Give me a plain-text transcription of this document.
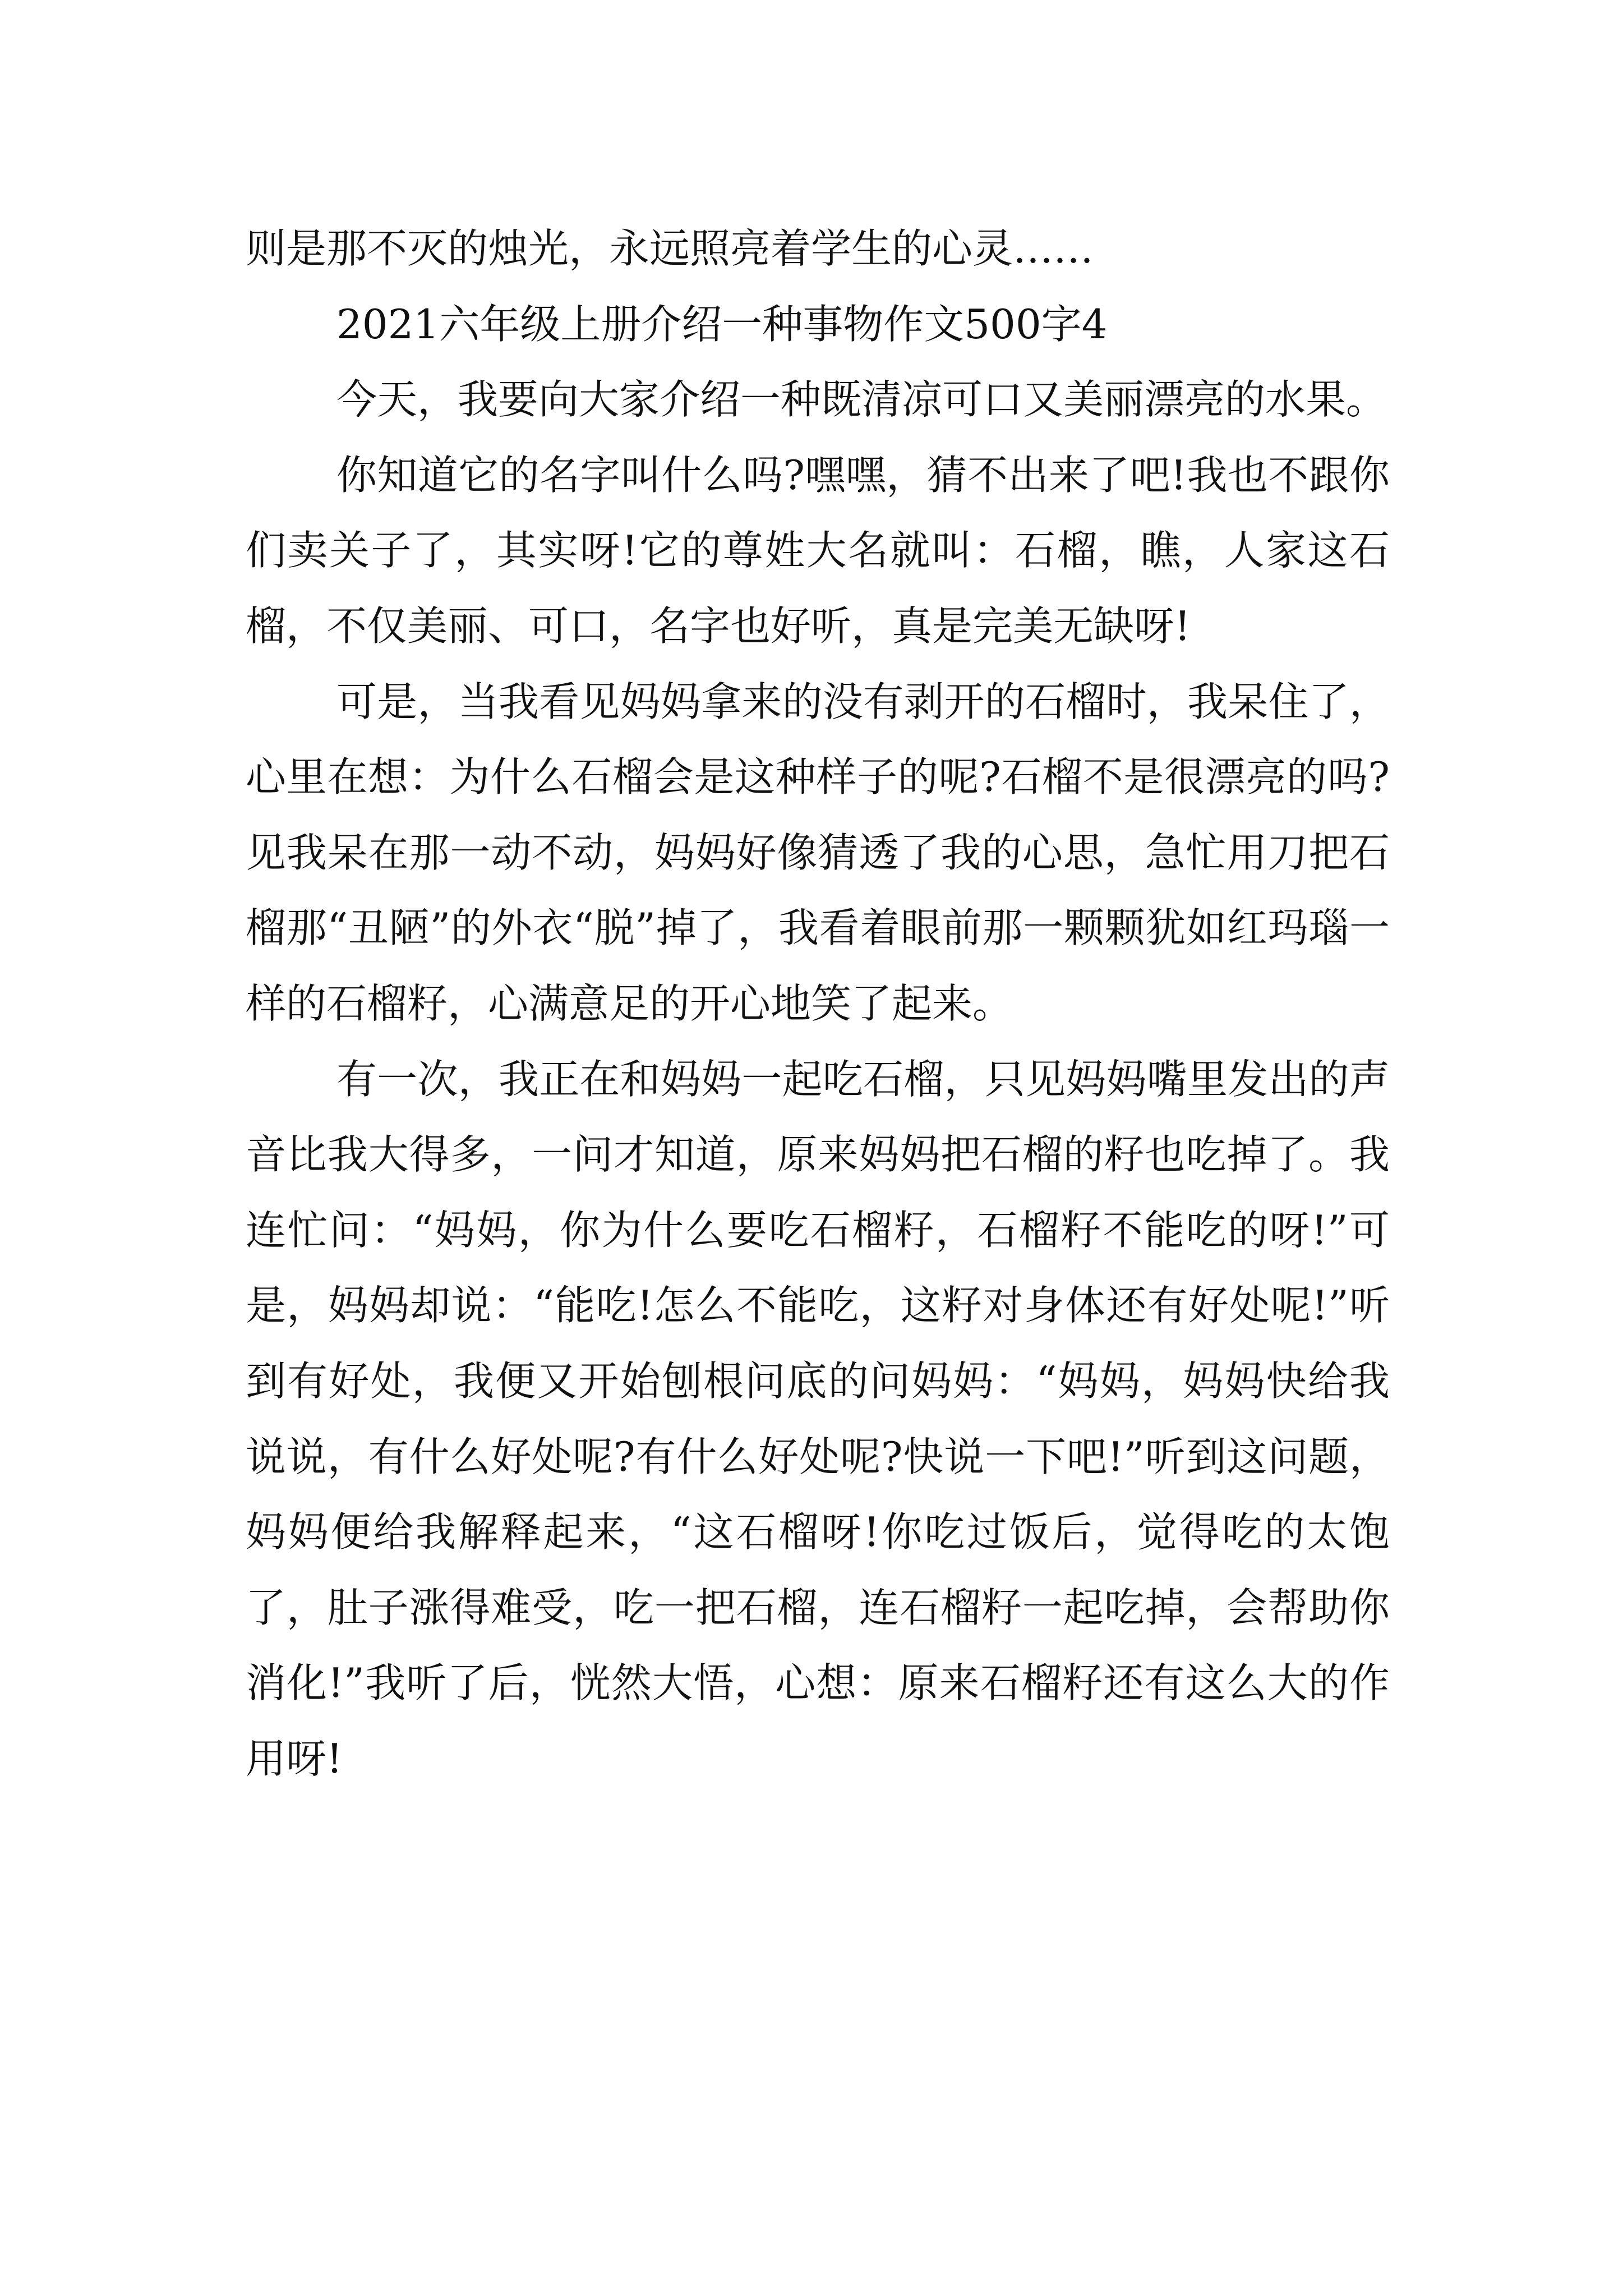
则是那不灭的烛光，永远照亮着学生的心灵……

2021六年级上册介绍一种事物作文500字4

今天，我要向大家介绍一种既清凉可口又美丽漂亮的水果。

你知道它的名字叫什么吗?嘿嘿，猜不出来了吧!我也不跟你们卖关子了，其实呀!它的尊姓大名就叫：石榴，瞧，人家这石榴，不仅美丽、可口，名字也好听，真是完美无缺呀!

可是，当我看见妈妈拿来的没有剥开的石榴时，我呆住了，心里在想：为什么石榴会是这种样子的呢?石榴不是很漂亮的吗?见我呆在那一动不动，妈妈好像猜透了我的心思，急忙用刀把石榴那“丑陋”的外衣“脱”掉了，我看着眼前那一颗颗犹如红玛瑙一样的石榴籽，心满意足的开心地笑了起来。

有一次，我正在和妈妈一起吃石榴，只见妈妈嘴里发出的声音比我大得多，一问才知道，原来妈妈把石榴的籽也吃掉了。我连忙问：“妈妈，你为什么要吃石榴籽，石榴籽不能吃的呀!”可是，妈妈却说：“能吃!怎么不能吃，这籽对身体还有好处呢!”听到有好处，我便又开始刨根问底的问妈妈：“妈妈，妈妈快给我说说，有什么好处呢?有什么好处呢?快说一下吧!”听到这问题，妈妈便给我解释起来，“这石榴呀!你吃过饭后，觉得吃的太饱了，肚子涨得难受，吃一把石榴，连石榴籽一起吃掉，会帮助你消化!”我听了后，恍然大悟，心想：原来石榴籽还有这么大的作用呀!
